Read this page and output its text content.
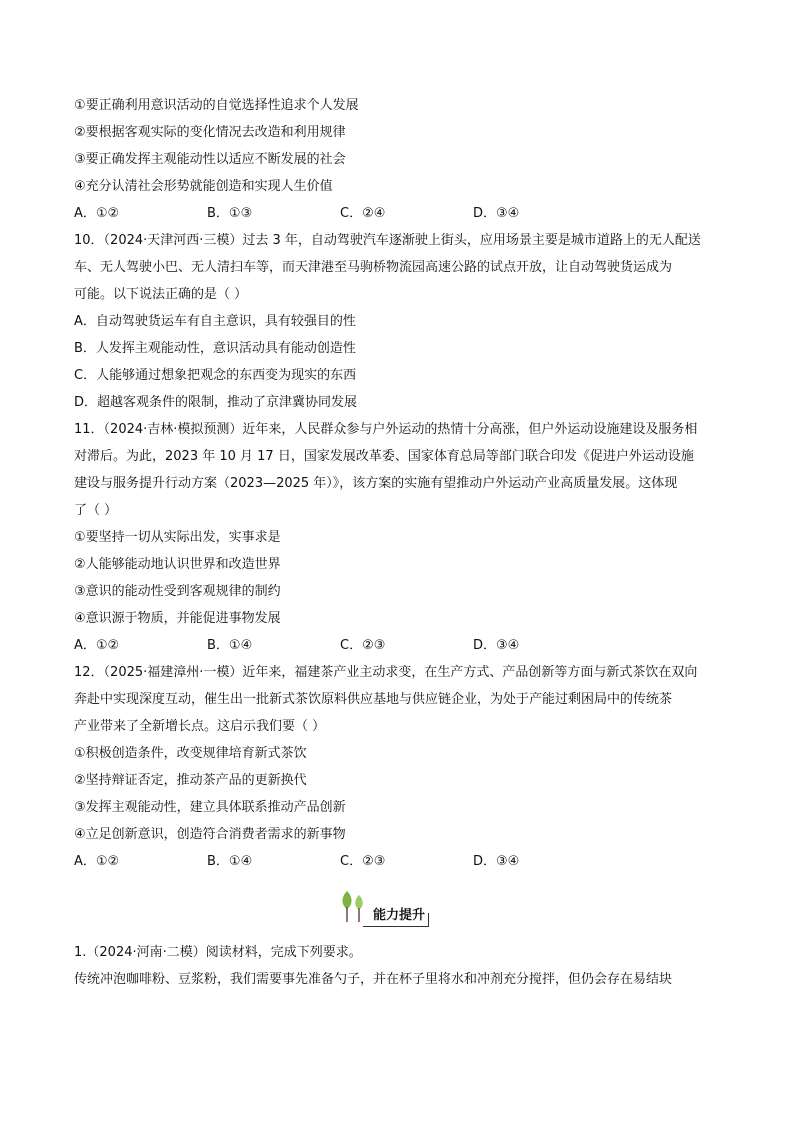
①要正确利用意识活动的自觉选择性追求个人发展
②要根据客观实际的变化情况去改造和利用规律
③要正确发挥主观能动性以适应不断发展的社会
④充分认清社会形势就能创造和实现人生价值
A．①②	B．①③	C．②④	D．③④
10．（2024·天津河西·三模）过去 3 年，自动驾驶汽车逐渐驶上街头，应用场景主要是城市道路上的无人配送
车、无人驾驶小巴、无人清扫车等，而天津港至马驹桥物流园高速公路的试点开放，让自动驾驶货运成为
可能。以下说法正确的是（ ）
A．自动驾驶货运车有自主意识，具有较强目的性
B．人发挥主观能动性，意识活动具有能动创造性
C．人能够通过想象把观念的东西变为现实的东西
D．超越客观条件的限制，推动了京津冀协同发展
11．（2024·吉林·模拟预测）近年来，人民群众参与户外运动的热情十分高涨，但户外运动设施建设及服务相
对滞后。为此，2023 年 10 月 17 日，国家发展改革委、国家体育总局等部门联合印发《促进户外运动设施
建设与服务提升行动方案（2023—2025 年）》，该方案的实施有望推动户外运动产业高质量发展。这体现
了（ ）
①要坚持一切从实际出发，实事求是
②人能够能动地认识世界和改造世界
③意识的能动性受到客观规律的制约
④意识源于物质，并能促进事物发展
A．①②	B．①④	C．②③	D．③④
12．（2025·福建漳州·一模）近年来，福建茶产业主动求变，在生产方式、产品创新等方面与新式茶饮在双向
奔赴中实现深度互动，催生出一批新式茶饮原料供应基地与供应链企业，为处于产能过剩困局中的传统茶
产业带来了全新增长点。这启示我们要（ ）
①积极创造条件，改变规律培育新式茶饮
②坚持辩证否定，推动茶产品的更新换代
③发挥主观能动性，建立具体联系推动产品创新
④立足创新意识，创造符合消费者需求的新事物
A．①②	B．①④	C．②③	D．③④
能力提升
1.（2024·河南·二模）阅读材料，完成下列要求。
传统冲泡咖啡粉、豆浆粉，我们需要事先准备勺子，并在杯子里将水和冲剂充分搅拌，但仍会存在易结块
